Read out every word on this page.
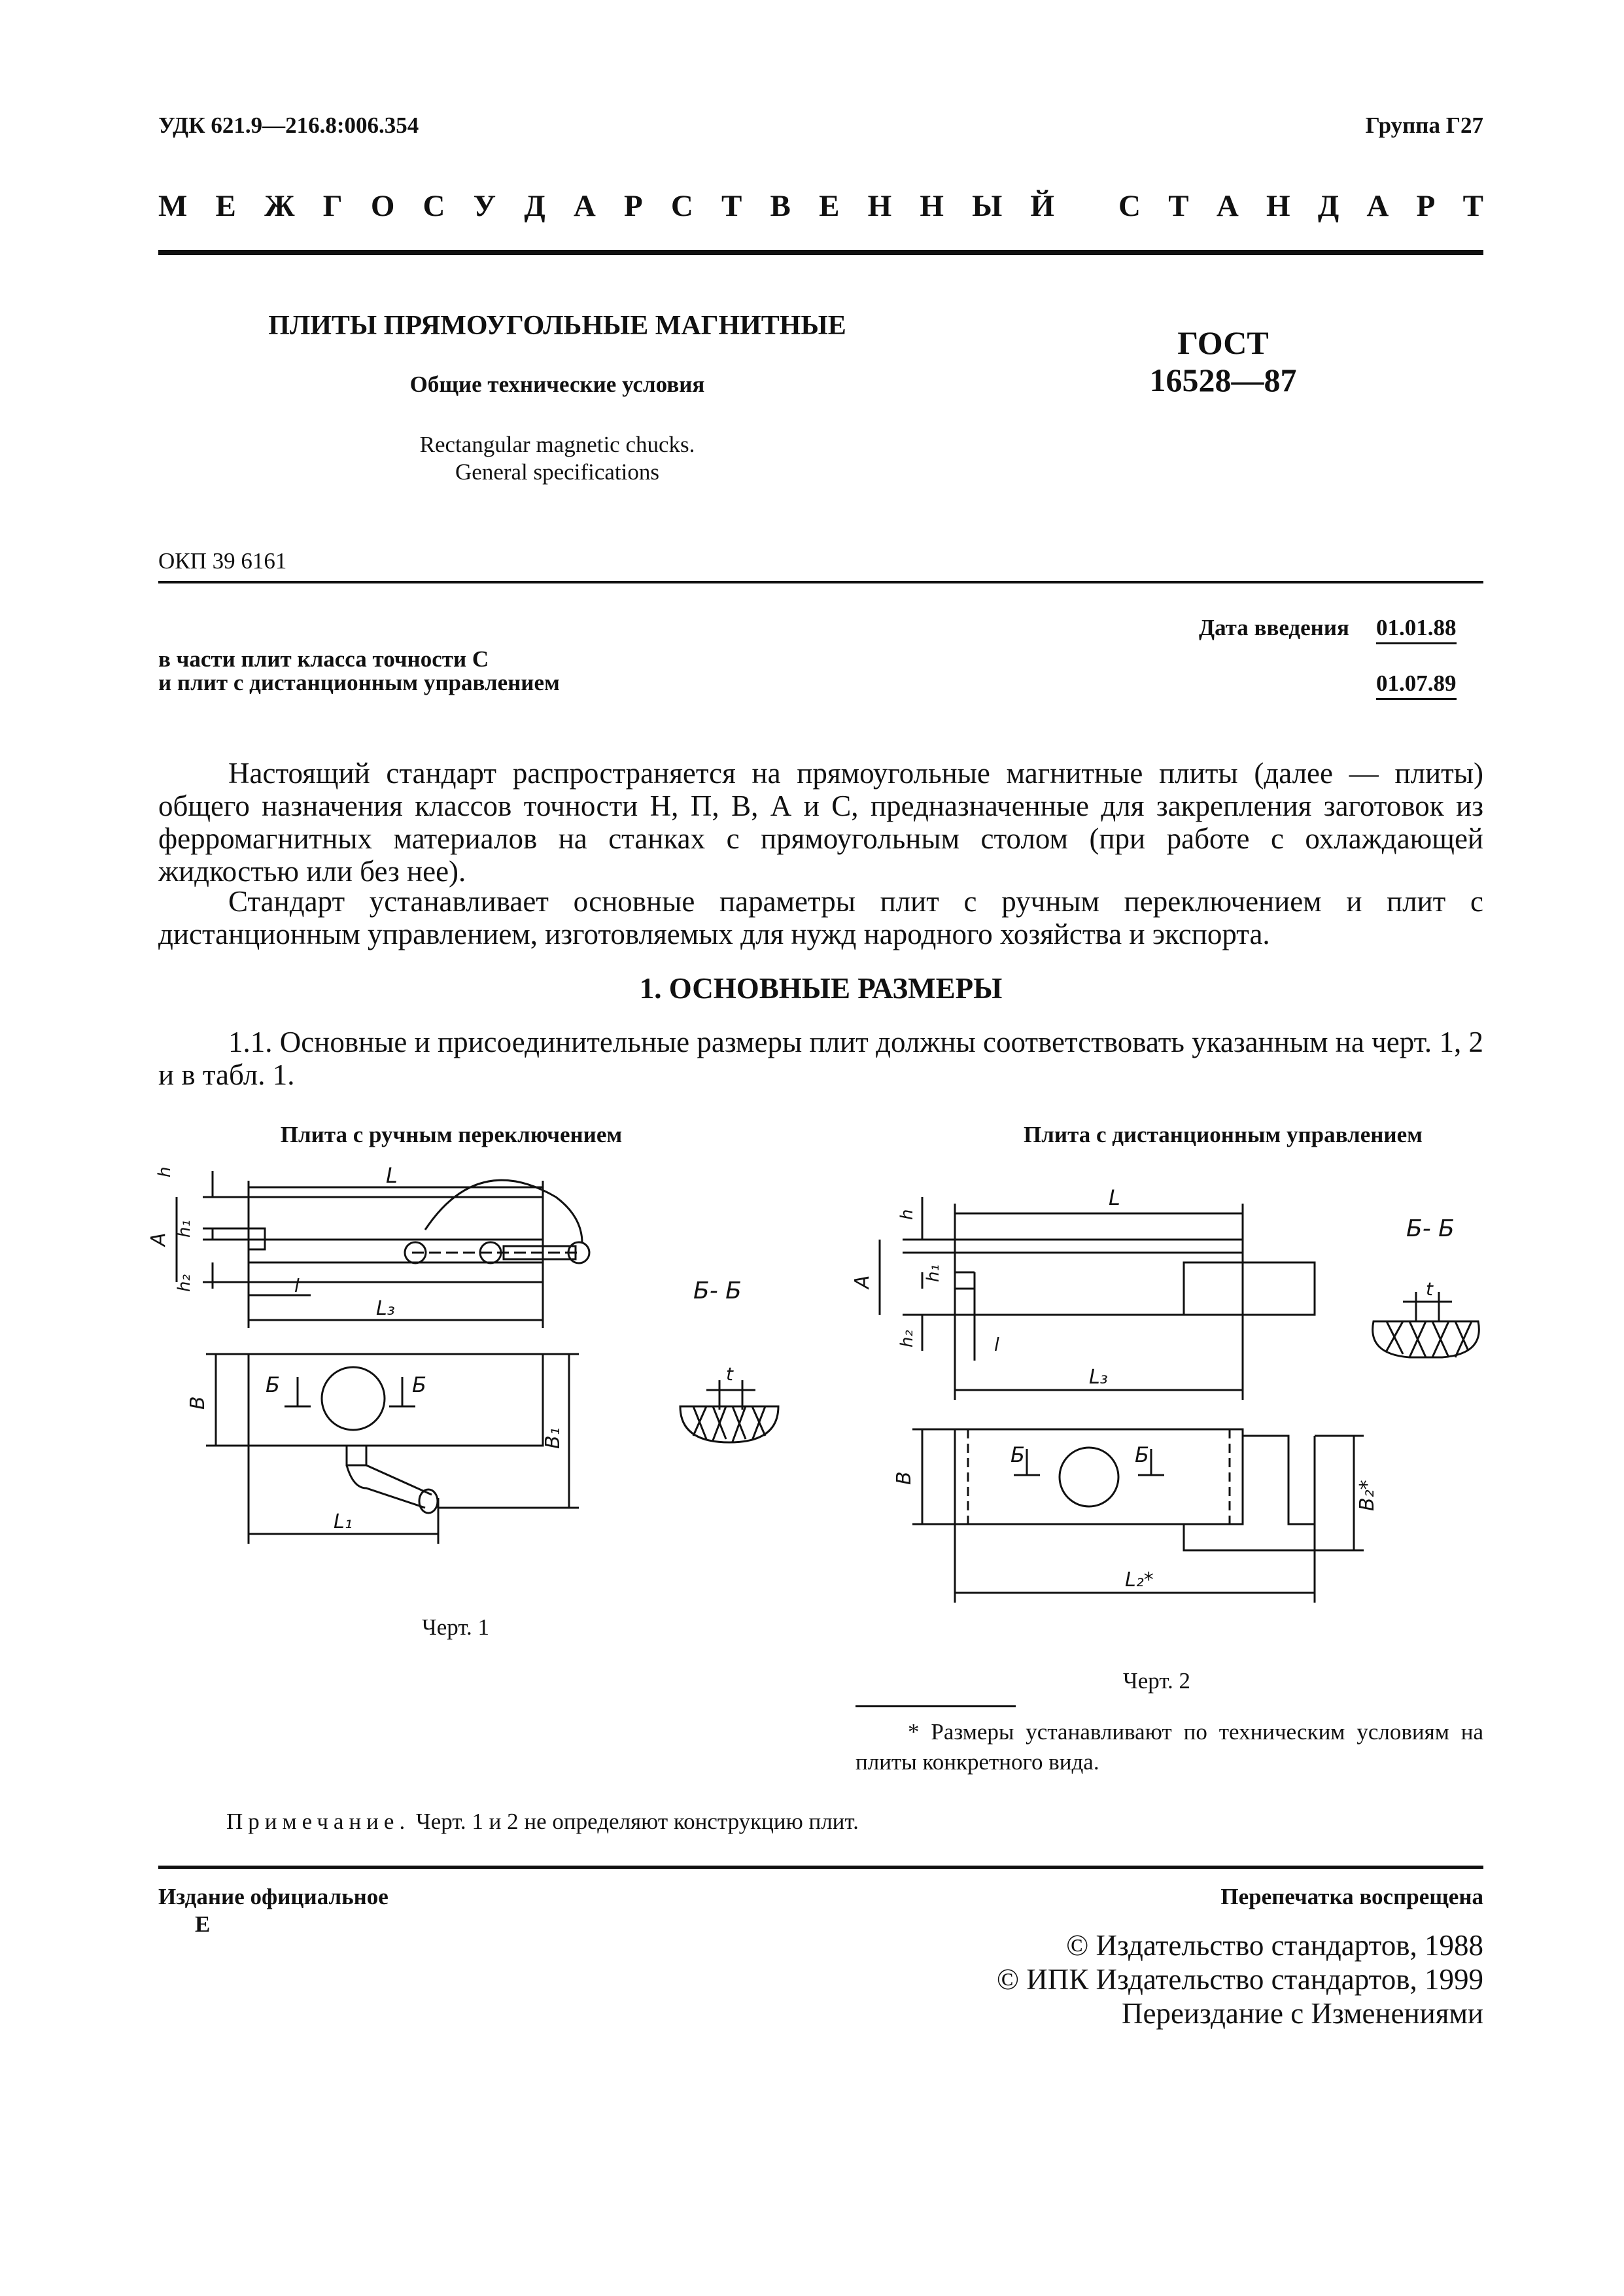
УДК 621.9—216.8:006.354	Группа Г27
М Е Ж Г О С У Д А Р С Т В Е Н Н Ы Й С Т А Н Д А Р Т
ПЛИТЫ ПРЯМОУГОЛЬНЫЕ МАГНИТНЫЕ
Общие технические условия
Rectangular magnetic chucks.
General specifications
ГОСТ
16528—87
ОКП 39 6161
Дата введения 01.01.88
в части плит класса точности С
и плит с дистанционным управлением	01.07.89

Настоящий стандарт распространяется на прямоугольные магнитные плиты (далее — плиты) общего назначения классов точности Н, П, В, А и С, предназначенные для закрепления заготовок из ферромагнитных материалов на станках с прямоугольным столом (при работе с охлаждающей жидкостью или без нее).

Стандарт устанавливает основные параметры плит с ручным переключением и плит с дистанционным управлением, изготовляемых для нужд народного хозяйства и экспорта.

1. ОСНОВНЫЕ РАЗМЕРЫ

1.1. Основные и присоединительные размеры плит должны соответствовать указанным на черт. 1, 2 и в табл. 1.

Плита с ручным переключением	Плита с дистанционным управлением
L
h
h₁
A
h₂	l
L₃
Б	Б
B
B₁
L₁
Б- Б
t
Черт. 1
L
h
h₁
A
h₂	l
L₃
Б	Б
B
B₂*
L₂*
Б- Б
t
Черт. 2
* Размеры устанавливают по техническим условиям на плиты конкретного вида.
Примечание. Черт. 1 и 2 не определяют конструкцию плит.
Издание официальное
Е
Перепечатка воспрещена
© Издательство стандартов, 1988
© ИПК Издательство стандартов, 1999
Переиздание с Изменениями
